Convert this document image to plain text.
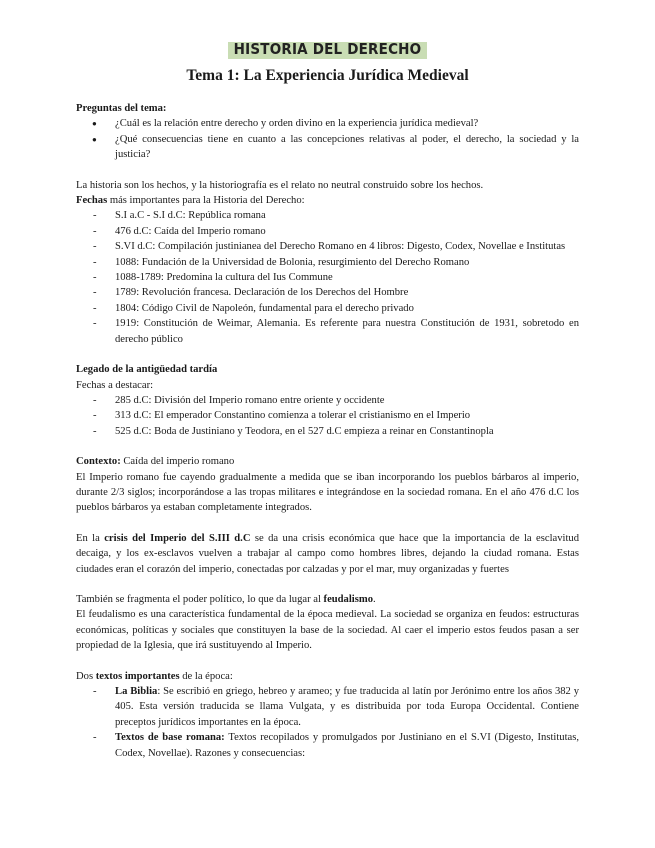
HISTORIA DEL DERECHO
Tema 1: La Experiencia Jurídica Medieval

Preguntas del tema:

● ¿Cuál es la relación entre derecho y orden divino en la experiencia jurídica medieval?
● ¿Qué consecuencias tiene en cuanto a las concepciones relativas al poder, el derecho, la sociedad y la justicia?

La historia son los hechos, y la historiografía es el relato no neutral construido sobre los hechos.

Fechas más importantes para la Historia del Derecho:

- S.I a.C - S.I d.C: República romana
- 476 d.C: Caída del Imperio romano
- S.VI d.C: Compilación justinianea del Derecho Romano en 4 libros: Digesto, Codex, Novellae e Institutas
- 1088: Fundación de la Universidad de Bolonia, resurgimiento del Derecho Romano
- 1088-1789: Predomina la cultura del Ius Commune
- 1789: Revolución francesa. Declaración de los Derechos del Hombre
- 1804: Código Civil de Napoleón, fundamental para el derecho privado
- 1919: Constitución de Weimar, Alemania. Es referente para nuestra Constitución de 1931, sobretodo en derecho público

Legado de la antigüedad tardía

Fechas a destacar:

- 285 d.C: División del Imperio romano entre oriente y occidente
- 313 d.C: El emperador Constantino comienza a tolerar el cristianismo en el Imperio
- 525 d.C: Boda de Justiniano y Teodora, en el 527 d.C empieza a reinar en Constantinopla

Contexto: Caída del imperio romano

El Imperio romano fue cayendo gradualmente a medida que se iban incorporando los pueblos bárbaros al imperio, durante 2/3 siglos; incorporándose a las tropas militares e integrándose en la sociedad romana. En el año 476 d.C los pueblos bárbaros ya estaban completamente integrados.

En la crisis del Imperio del S.III d.C se da una crisis económica que hace que la importancia de la esclavitud decaiga, y los ex-esclavos vuelven a trabajar al campo como hombres libres, dejando la ciudad romana. Estas ciudades eran el corazón del imperio, conectadas por calzadas y por el mar, muy organizadas y fuertes

También se fragmenta el poder político, lo que da lugar al feudalismo.

El feudalismo es una característica fundamental de la época medieval. La sociedad se organiza en feudos: estructuras económicas, políticas y sociales que constituyen la base de la sociedad. Al caer el imperio estos feudos pasan a ser propiedad de la Iglesia, que irá sustituyendo al Imperio.

Dos textos importantes de la época:

- La Biblia: Se escribió en griego, hebreo y arameo; y fue traducida al latín por Jerónimo entre los años 382 y 405. Esta versión traducida se llama Vulgata, y es distribuida por toda Europa Occidental. Contiene preceptos jurídicos importantes en la época.
- Textos de base romana: Textos recopilados y promulgados por Justiniano en el S.VI (Digesto, Institutas, Codex, Novellae). Razones y consecuencias:
